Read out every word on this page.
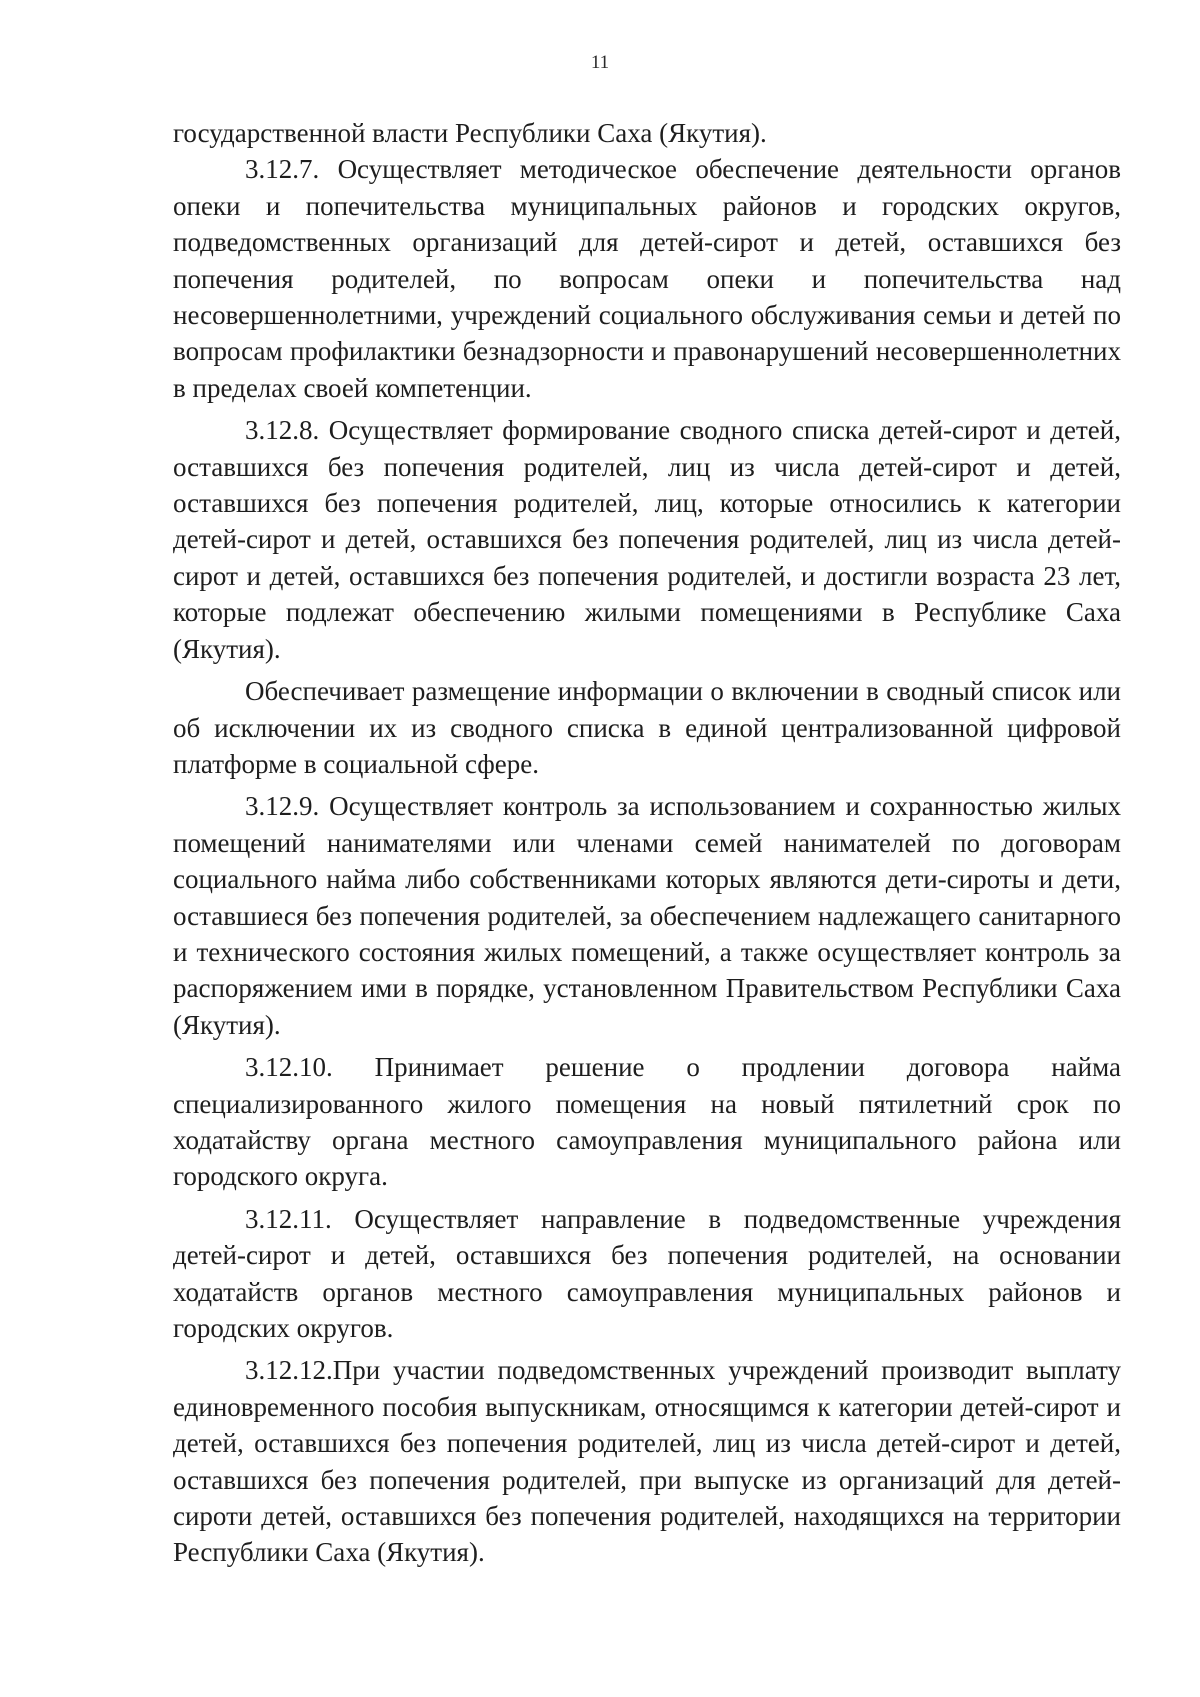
11

государственной власти Республики Саха (Якутия).

3.12.7. Осуществляет методическое обеспечение деятельности органов опеки и попечительства муниципальных районов и городских округов, подведомственных организаций для детей-сирот и детей, оставшихся без попечения родителей, по вопросам опеки и попечительства над несовершеннолетними, учреждений социального обслуживания семьи и детей по вопросам профилактики безнадзорности и правонарушений несовершеннолетних в пределах своей компетенции.

3.12.8. Осуществляет формирование сводного списка детей-сирот и детей, оставшихся без попечения родителей, лиц из числа детей-сирот и детей, оставшихся без попечения родителей, лиц, которые относились к категории детей-сирот и детей, оставшихся без попечения родителей, лиц из числа детей-сирот и детей, оставшихся без попечения родителей, и достигли возраста 23 лет, которые подлежат обеспечению жилыми помещениями в Республике Саха (Якутия).

Обеспечивает размещение информации о включении в сводный список или об исключении их из сводного списка в единой централизованной цифровой платформе в социальной сфере.

3.12.9. Осуществляет контроль за использованием и сохранностью жилых помещений нанимателями или членами семей нанимателей по договорам социального найма либо собственниками которых являются дети-сироты и дети, оставшиеся без попечения родителей, за обеспечением надлежащего санитарного и технического состояния жилых помещений, а также осуществляет контроль за распоряжением ими в порядке, установленном Правительством Республики Саха (Якутия).

3.12.10. Принимает решение о продлении договора найма специализированного жилого помещения на новый пятилетний срок по ходатайству органа местного самоуправления муниципального района или городского округа.

3.12.11. Осуществляет направление в подведомственные учреждения детей-сирот и детей, оставшихся без попечения родителей, на основании ходатайств органов местного самоуправления муниципальных районов и городских округов.

3.12.12.При участии подведомственных учреждений производит выплату единовременного пособия выпускникам, относящимся к категории детей-сирот и детей, оставшихся без попечения родителей, лиц из числа детей-сирот и детей, оставшихся без попечения родителей, при выпуске из организаций для детей-сироти детей, оставшихся без попечения родителей, находящихся на территории Республики Саха (Якутия).
